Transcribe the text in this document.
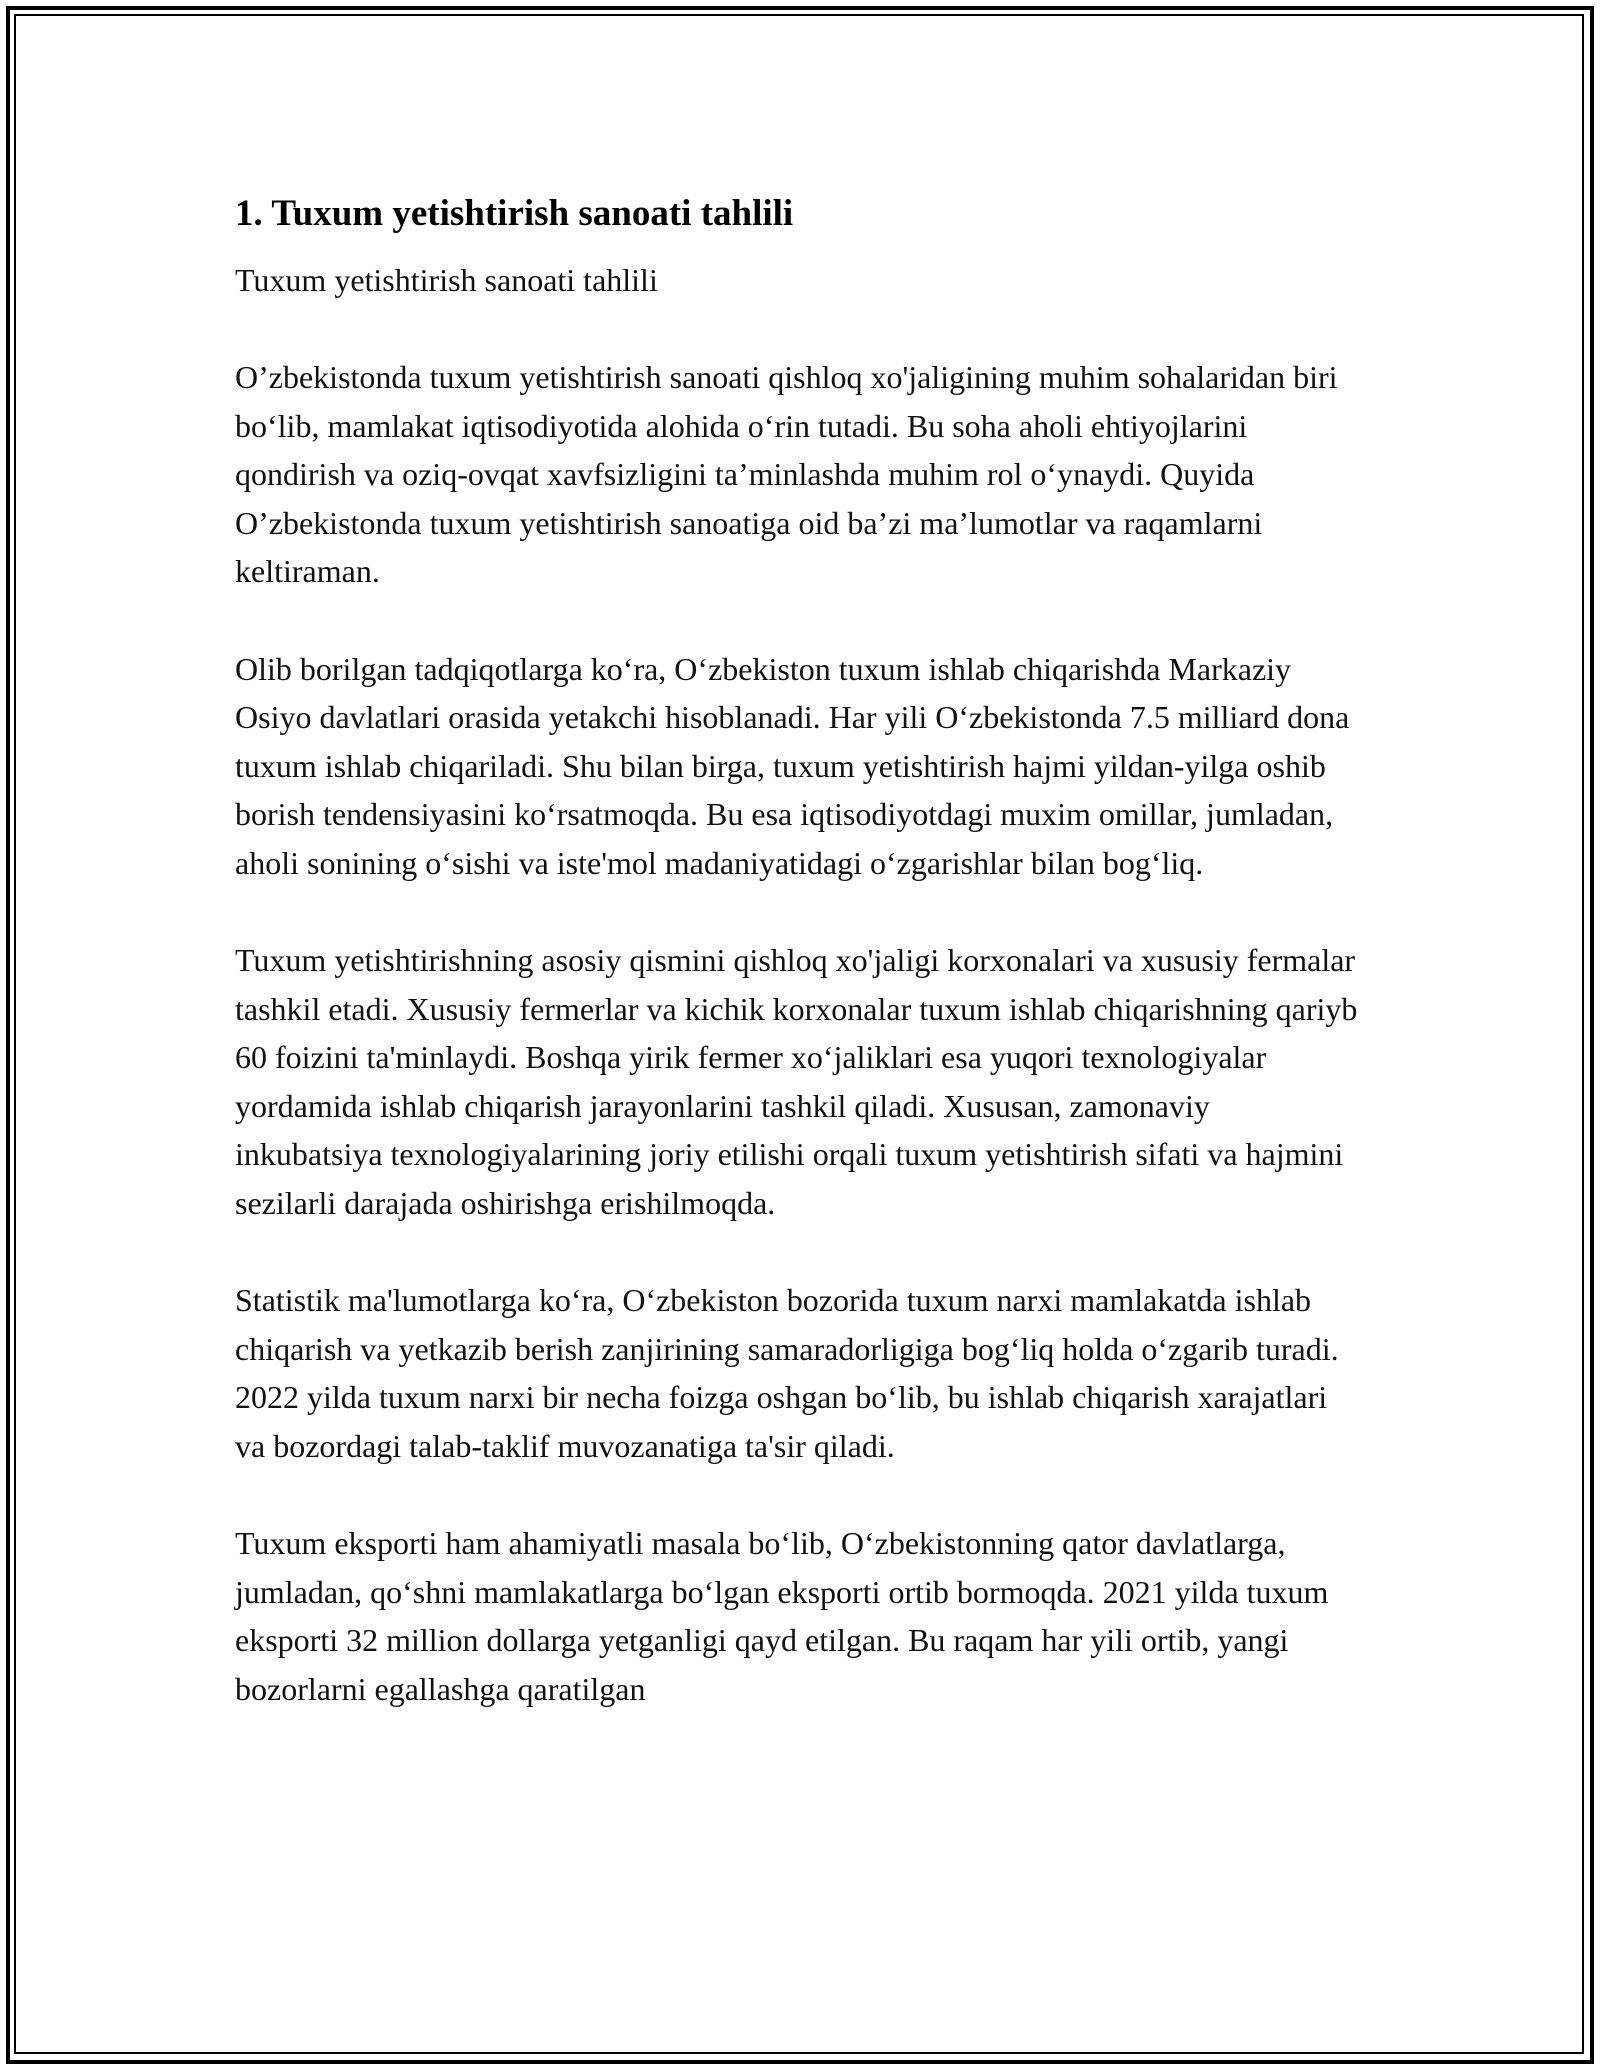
1. Tuxum yetishtirish sanoati tahlili

Tuxum yetishtirish sanoati tahlili

O’zbekistonda tuxum yetishtirish sanoati qishloq xo'jaligining muhim sohalaridan biri bo‘lib, mamlakat iqtisodiyotida alohida o‘rin tutadi. Bu soha aholi ehtiyojlarini qondirish va oziq-ovqat xavfsizligini ta’minlashda muhim rol o‘ynaydi. Quyida O’zbekistonda tuxum yetishtirish sanoatiga oid ba’zi ma’lumotlar va raqamlarni keltiraman.

Olib borilgan tadqiqotlarga ko‘ra, O‘zbekiston tuxum ishlab chiqarishda Markaziy Osiyo davlatlari orasida yetakchi hisoblanadi. Har yili O‘zbekistonda 7.5 milliard dona tuxum ishlab chiqariladi. Shu bilan birga, tuxum yetishtirish hajmi yildan-yilga oshib borish tendensiyasini ko‘rsatmoqda. Bu esa iqtisodiyotdagi muxim omillar, jumladan, aholi sonining o‘sishi va iste'mol madaniyatidagi o‘zgarishlar bilan bog‘liq.

Tuxum yetishtirishning asosiy qismini qishloq xo'jaligi korxonalari va xususiy fermalar tashkil etadi. Xususiy fermerlar va kichik korxonalar tuxum ishlab chiqarishning qariyb 60 foizini ta'minlaydi. Boshqa yirik fermer xo‘jaliklari esa yuqori texnologiyalar yordamida ishlab chiqarish jarayonlarini tashkil qiladi. Xususan, zamonaviy inkubatsiya texnologiyalarining joriy etilishi orqali tuxum yetishtirish sifati va hajmini sezilarli darajada oshirishga erishilmoqda.

Statistik ma'lumotlarga ko‘ra, O‘zbekiston bozorida tuxum narxi mamlakatda ishlab chiqarish va yetkazib berish zanjirining samaradorligiga bog‘liq holda o‘zgarib turadi. 2022 yilda tuxum narxi bir necha foizga oshgan bo‘lib, bu ishlab chiqarish xarajatlari va bozordagi talab-taklif muvozanatiga ta'sir qiladi.

Tuxum eksporti ham ahamiyatli masala bo‘lib, O‘zbekistonning qator davlatlarga, jumladan, qo‘shni mamlakatlarga bo‘lgan eksporti ortib bormoqda. 2021 yilda tuxum eksporti 32 million dollarga yetganligi qayd etilgan. Bu raqam har yili ortib, yangi bozorlarni egallashga qaratilgan
